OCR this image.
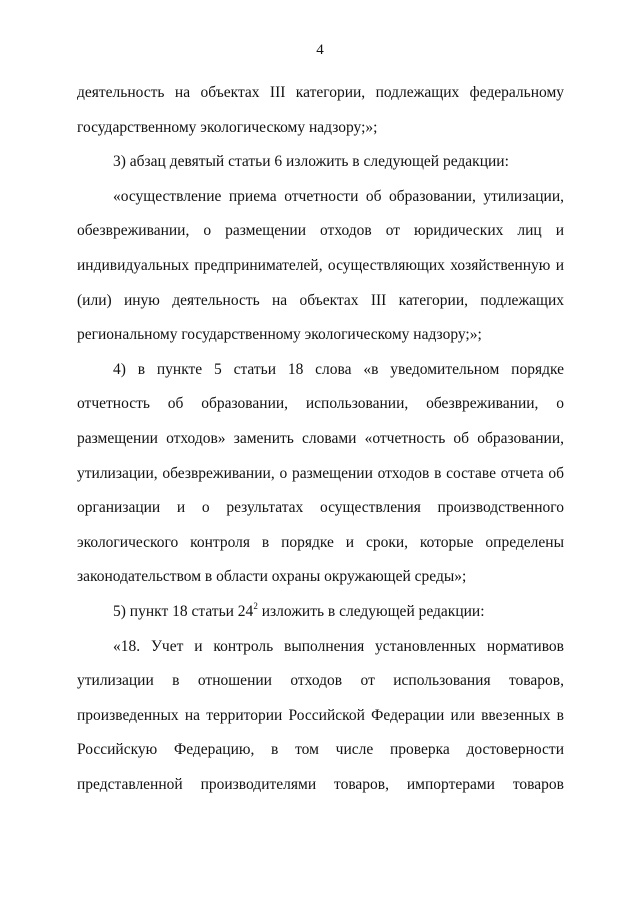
4

деятельность на объектах III категории, подлежащих федеральному государственному экологическому надзору;»;

3) абзац девятый статьи 6 изложить в следующей редакции:

«осуществление приема отчетности об образовании, утилизации, обезвреживании, о размещении отходов от юридических лиц и индивидуальных предпринимателей, осуществляющих хозяйственную и (или) иную деятельность на объектах III категории, подлежащих региональному государственному экологическому надзору;»;

4) в пункте 5 статьи 18 слова «в уведомительном порядке отчетность об образовании, использовании, обезвреживании, о размещении отходов» заменить словами «отчетность об образовании, утилизации, обезвреживании, о размещении отходов в составе отчета об организации и о результатах осуществления производственного экологического контроля в порядке и сроки, которые определены законодательством в области охраны окружающей среды»;

5) пункт 18 статьи $24^2$ изложить в следующей редакции:

«18. Учет и контроль выполнения установленных нормативов утилизации в отношении отходов от использования товаров, произведенных на территории Российской Федерации или ввезенных в Российскую Федерацию, в том числе проверка достоверности представленной производителями товаров, импортерами товаров
